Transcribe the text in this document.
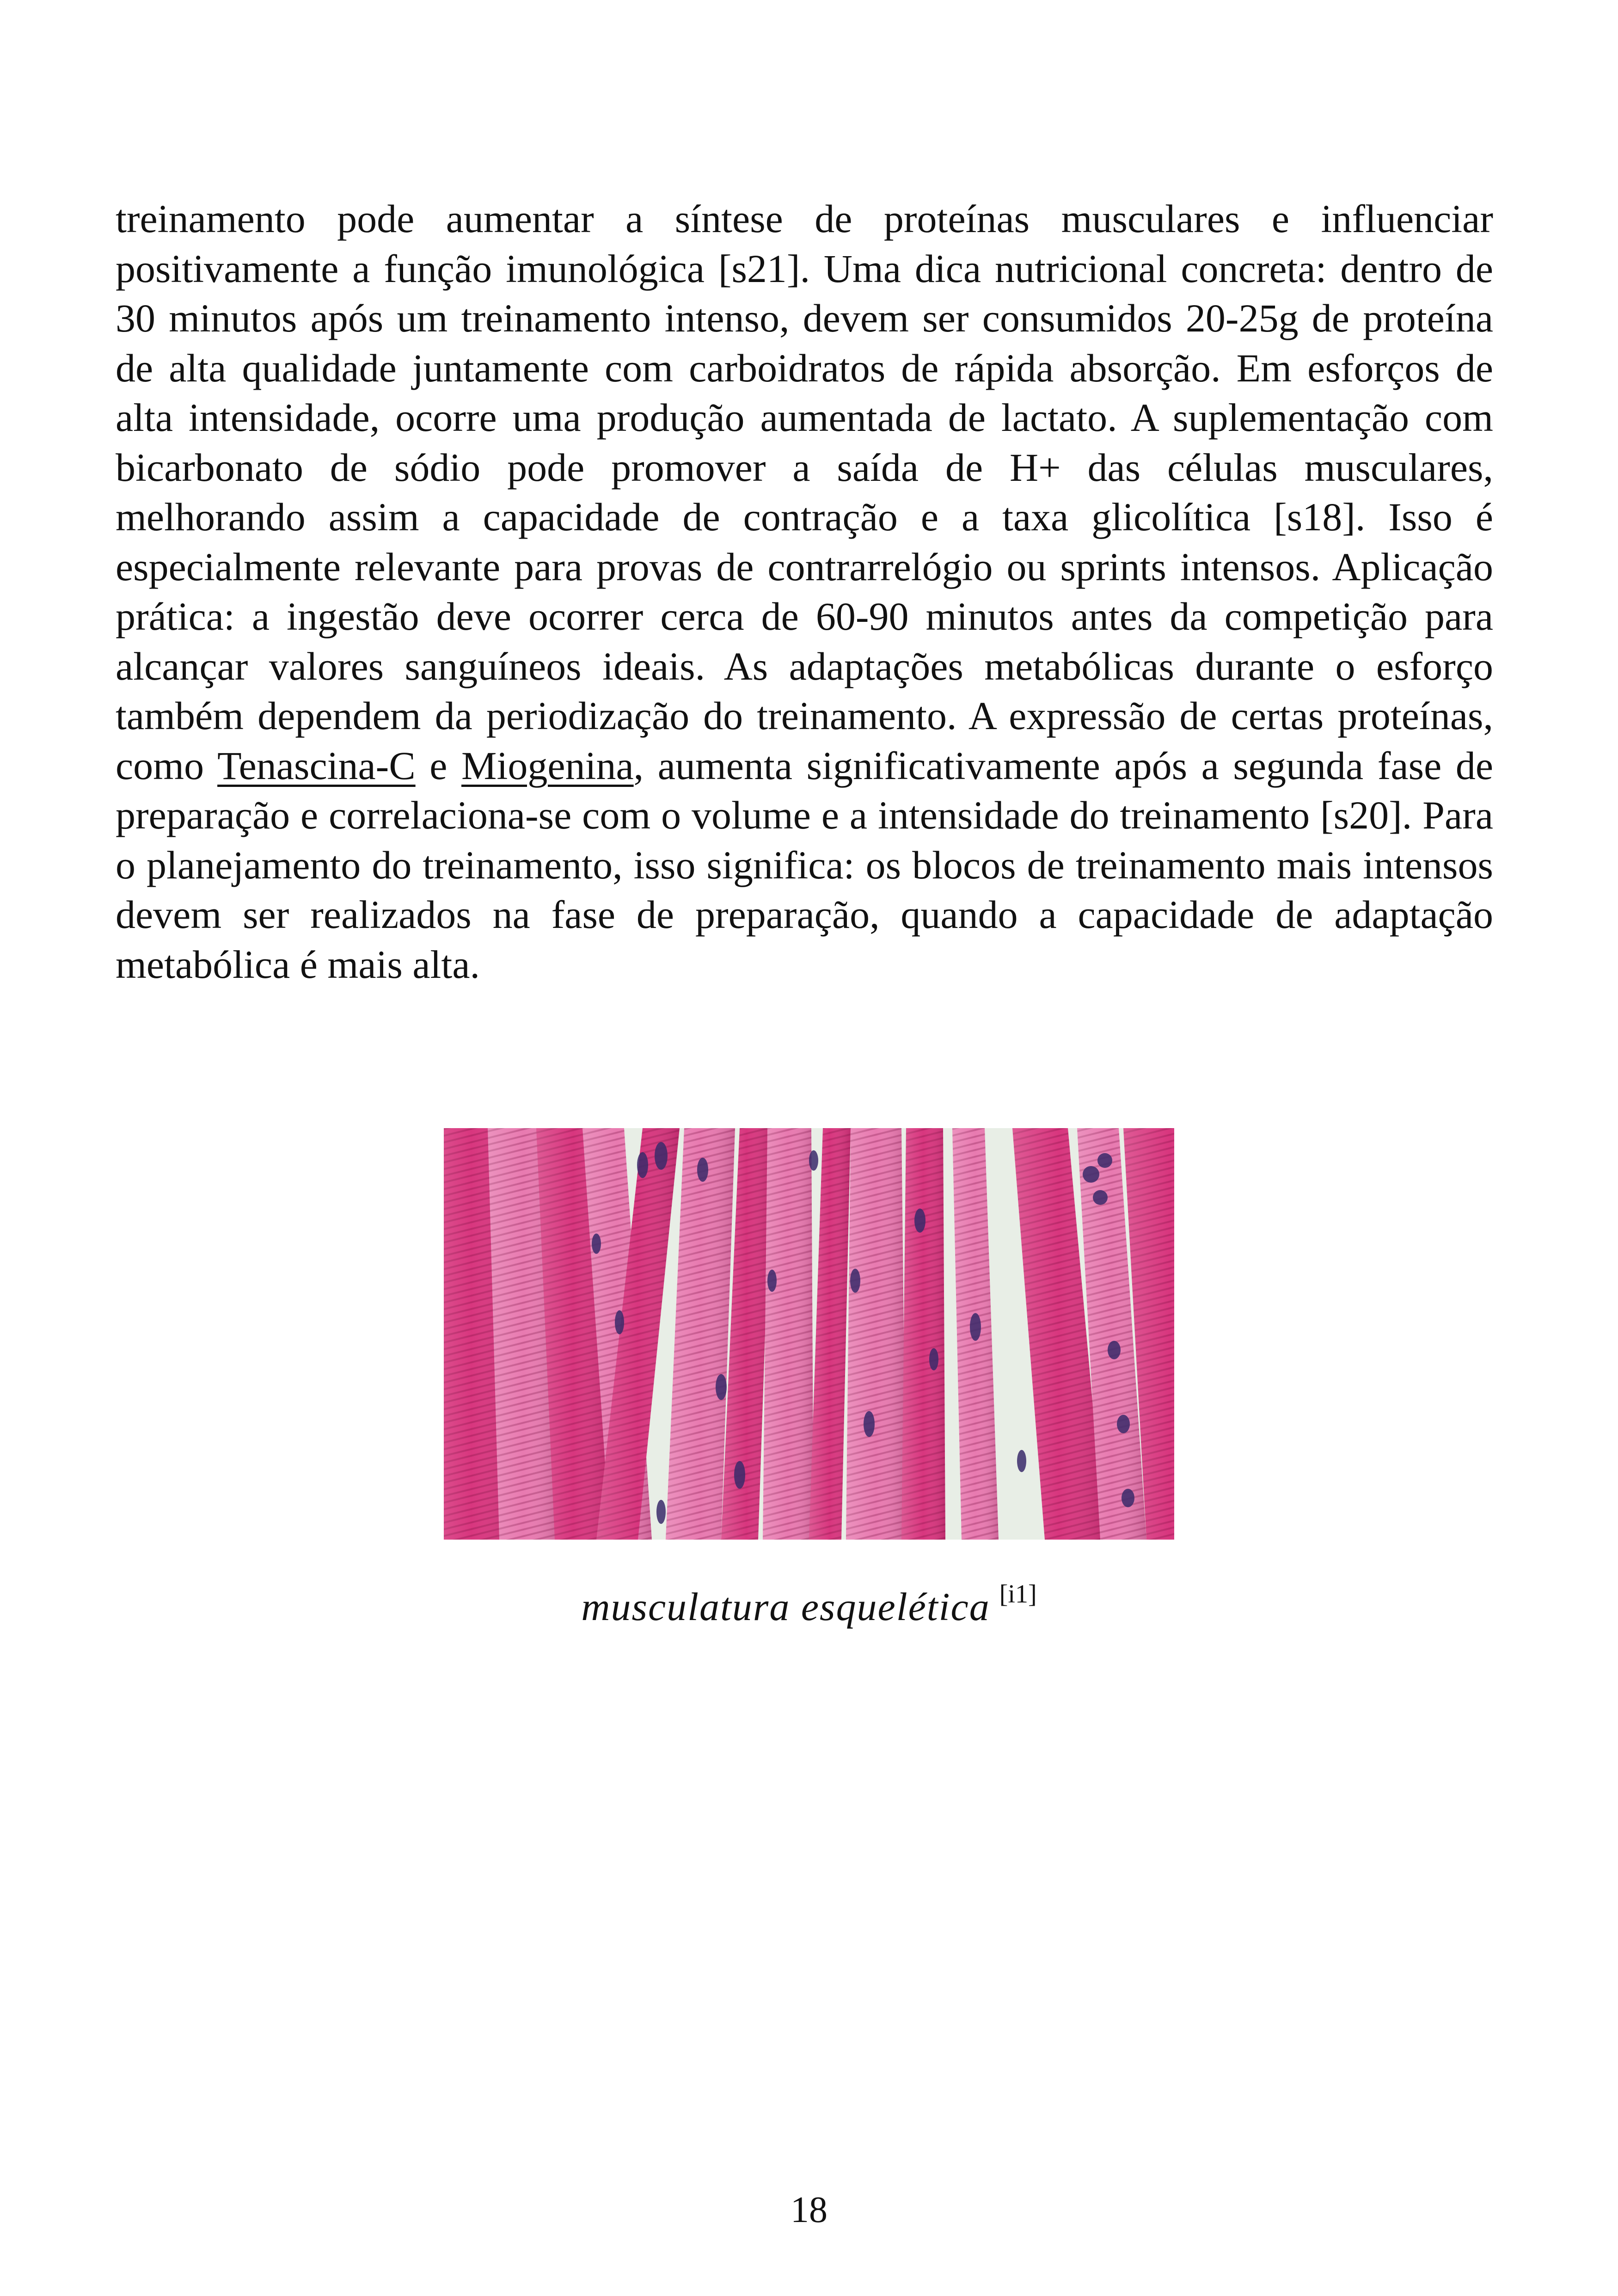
treinamento pode aumentar a síntese de proteínas musculares e influenciar positivamente a função imunológica [s21]. Uma dica nutricional concreta: dentro de 30 minutos após um treinamento intenso, devem ser consumidos 20-25g de proteína de alta qualidade juntamente com carboidratos de rápida absorção. Em esforços de alta intensidade, ocorre uma produção aumentada de lactato. A suplementação com bicarbonato de sódio pode promover a saída de H+ das células musculares, melhorando assim a capacidade de contração e a taxa glicolítica [s18]. Isso é especialmente relevante para provas de contrarrelógio ou sprints intensos. Aplicação prática: a ingestão deve ocorrer cerca de 60-90 minutos antes da competição para alcançar valores sanguíneos ideais. As adaptações metabólicas durante o esforço também dependem da periodização do treinamento. A expressão de certas proteínas, como Tenascina-C e Miogenina, aumenta significativamente após a segunda fase de preparação e correlaciona-se com o volume e a intensidade do treinamento [s20]. Para o planejamento do treinamento, isso significa: os blocos de treinamento mais intensos devem ser realizados na fase de preparação, quando a capacidade de adaptação metabólica é mais alta.

musculatura esquelética [i1]
18
